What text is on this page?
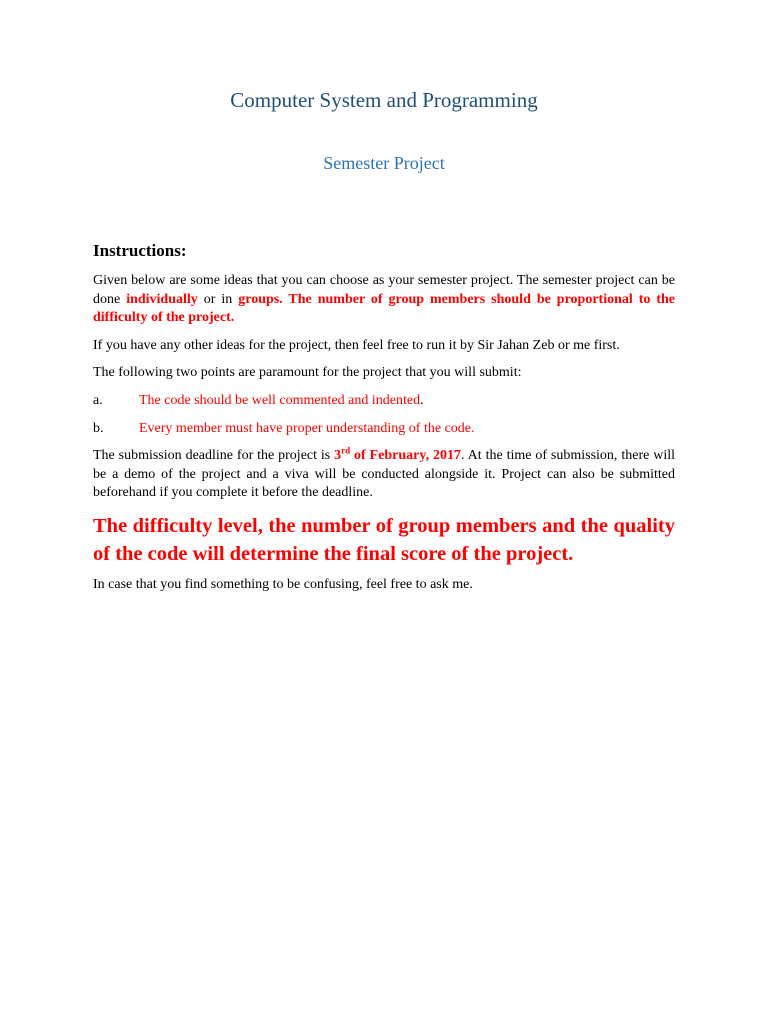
Computer System and Programming
Semester Project
Instructions:

Given below are some ideas that you can choose as your semester project. The semester project can be done individually or in groups. The number of group members should be proportional to the difficulty of the project.

If you have any other ideas for the project, then feel free to run it by Sir Jahan Zeb or me first.

The following two points are paramount for the project that you will submit:

a.	The code should be well commented and indented.
b.	Every member must have proper understanding of the code.

The submission deadline for the project is 3rd of February, 2017. At the time of submission, there will be a demo of the project and a viva will be conducted alongside it. Project can also be submitted beforehand if you complete it before the deadline.

The difficulty level, the number of group members and the quality of the code will determine the final score of the project.

In case that you find something to be confusing, feel free to ask me.
